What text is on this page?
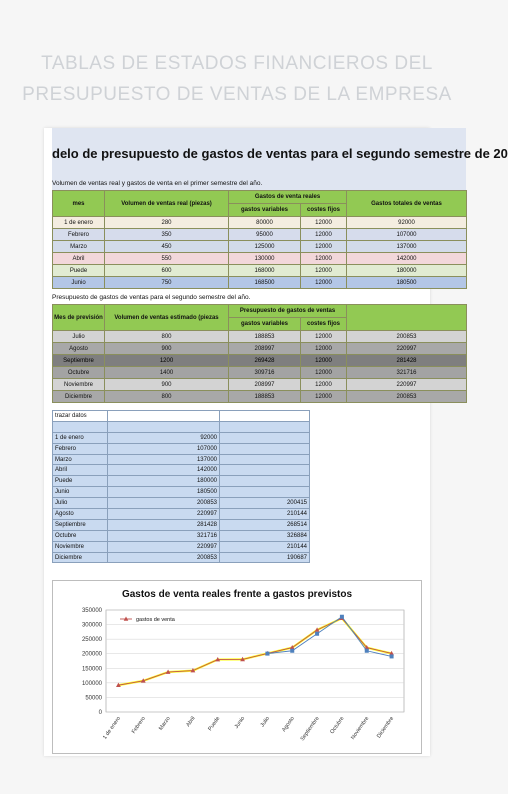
TABLAS DE ESTADOS FINANCIEROS DEL
PRESUPUESTO DE VENTAS DE LA EMPRESA
delo de presupuesto de gastos de ventas para el segundo semestre de 20
Volumen de ventas real y gastos de venta en el primer semestre del año.
mes	Volumen de ventas real (piezas)	Gastos de venta reales		Gastos totales de ventas
		gastos variables	costes fijos	
1 de enero	280	80000	12000	92000
Febrero	350	95000	12000	107000
Marzo	450	125000	12000	137000
Abril	550	130000	12000	142000
Puede	600	168000	12000	180000
Junio	750	168500	12000	180500
Presupuesto de gastos de ventas para el segundo semestre del año.
Mes de previsión	Volumen de ventas estimado (piezas	Presupuesto de gastos de ventas		
		gastos variables	costes fijos	
Julio	800	188853	12000	200853
Agosto	900	208997	12000	220997
Septiembre	1200	269428	12000	281428
Octubre	1400	309716	12000	321716
Noviembre	900	208997	12000	220997
Diciembre	800	188853	12000	200853
trazar datos		

1 de enero	92000	
Febrero	107000	
Marzo	137000	
Abril	142000	
Puede	180000	
Junio	180500	
Julio	200853	200415
Agosto	220997	210144
Septiembre	281428	268514
Octubre	321716	326884
Noviembre	220997	210144
Diciembre	200853	190687
Gastos de venta reales frente a gastos previstos
0
50000
100000
150000
200000
250000
300000
350000
1 de enero Febrero Marzo Abril Puede Junio Julio Agosto Septiembre Octubre Noviembre Diciembre
gastos de venta
